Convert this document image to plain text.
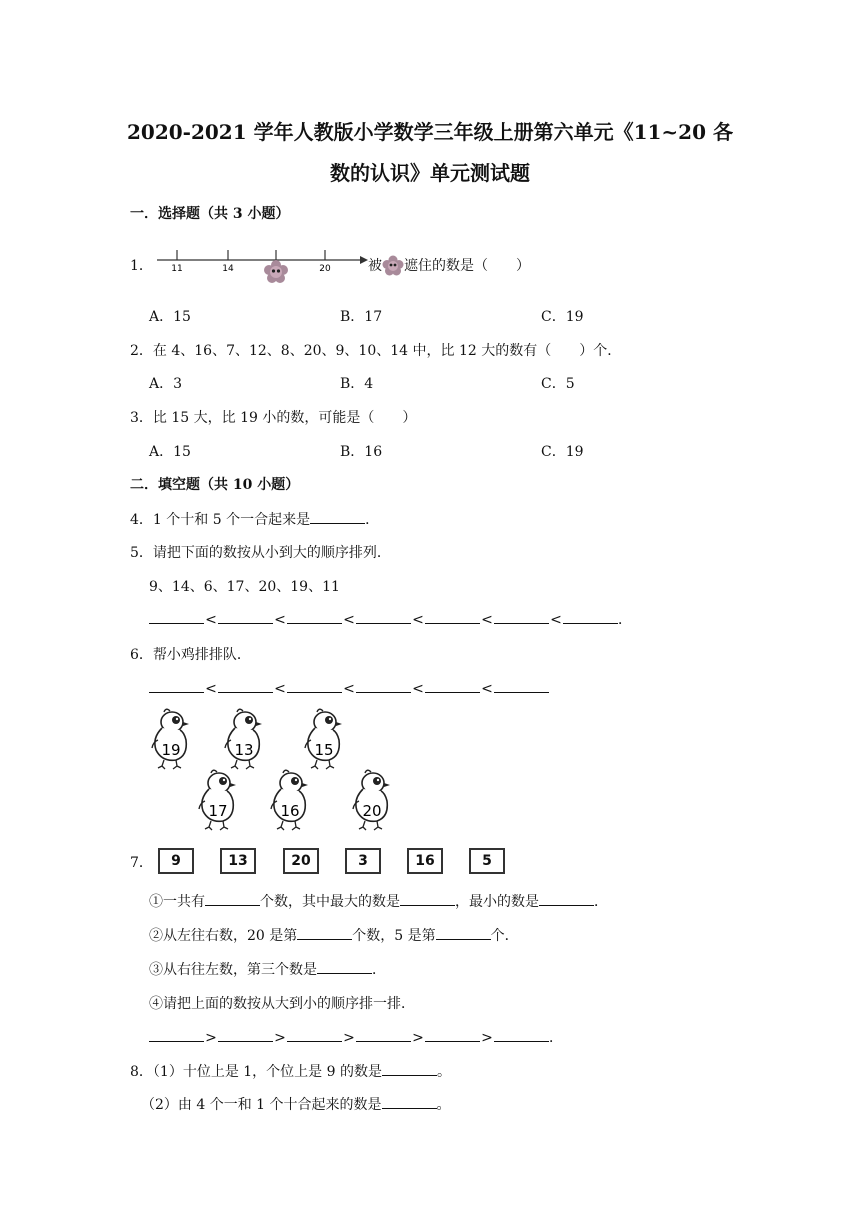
2020-2021 学年人教版小学数学三年级上册第六单元《11~20 各
数的认识》单元测试题
一．选择题（共 3 小题）
1． 11	14	20	被 遮住的数是（　　）
A．15	B．17	C．19
2．在 4、16、7、12、8、20、9、10、14 中，比 12 大的数有（　　）个．
A．3	B．4	C．5
3．比 15 大，比 19 小的数，可能是（　　）
A．15	B．16	C．19
二．填空题（共 10 小题）
4．1 个十和 5 个一合起来是	．
5．请把下面的数按从小到大的顺序排列．
9、14、6、17、20、19、11
<	<	<	<	<	<	．
6．帮小鸡排排队．
<	<	<	<	<
19	13	15
17	16	20
7．	9	13	20	3	16	5
①一共有	个数，其中最大的数是	，最小的数是	．
②从左往右数，20 是第	个数，5 是第	个．
③从右往左数，第三个数是	．
④请把上面的数按从大到小的顺序排一排．
>	>	>	>	>	．
8．（1）十位上是 1，个位上是 9 的数是	。
（2）由 4 个一和 1 个十合起来的数是	。
